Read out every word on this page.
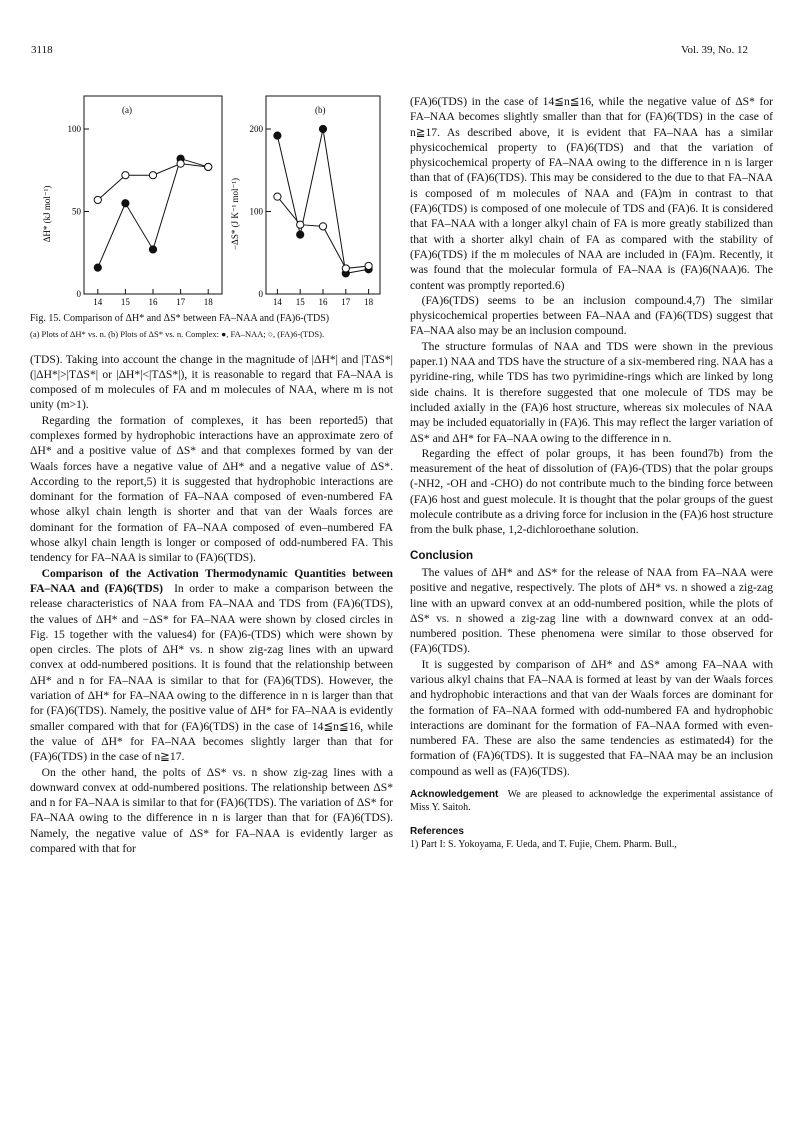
3118	Vol. 39, No. 12
(a)
ΔH* (kJ mol⁻¹)
0
50
100
14 15 16 17 18
(b)
−ΔS* (J K⁻¹ mol⁻¹)
0
100
200
14 15 16 17 18
Fig. 15. Comparison of ΔH* and ΔS* between FA–NAA and (FA)6-(TDS)
(a) Plots of ΔH* vs. n. (b) Plots of ΔS* vs. n. Complex: ●, FA–NAA; ○, (FA)6-(TDS).

(TDS). Taking into account the change in the magnitude of |ΔH*| and |TΔS*| (|ΔH*|>|TΔS*| or |ΔH*|<|TΔS*|), it is reasonable to regard that FA–NAA is composed of m molecules of FA and m molecules of NAA, where m is not unity (m>1).

Regarding the formation of complexes, it has been reported5) that complexes formed by hydrophobic interactions have an approximate zero of ΔH* and a positive value of ΔS* and that complexes formed by van der Waals forces have a negative value of ΔH* and a negative value of ΔS*. According to the report,5) it is suggested that hydrophobic interactions are dominant for the formation of FA–NAA composed of even-numbered FA whose alkyl chain length is shorter and that van der Waals forces are dominant for the formation of FA–NAA composed of even–numbered FA whose alkyl chain length is longer or composed of odd-numbered FA. This tendency for FA–NAA is similar to (FA)6(TDS).

Comparison of the Activation Thermodynamic Quantities between FA–NAA and (FA)6(TDS) In order to make a comparison between the release characteristics of NAA from FA–NAA and TDS from (FA)6(TDS), the values of ΔH* and −ΔS* for FA–NAA were shown by closed circles in Fig. 15 together with the values4) for (FA)6-(TDS) which were shown by open circles. The plots of ΔH* vs. n show zig-zag lines with an upward convex at odd-numbered positions. It is found that the relationship between ΔH* and n for FA–NAA is similar to that for (FA)6(TDS). However, the variation of ΔH* for FA–NAA owing to the difference in n is larger than that for (FA)6(TDS). Namely, the positive value of ΔH* for FA–NAA is evidently smaller compared with that for (FA)6(TDS) in the case of 14≦n≦16, while the value of ΔH* for FA–NAA becomes slightly larger than that for (FA)6(TDS) in the case of n≧17.

On the other hand, the polts of ΔS* vs. n show zig-zag lines with a downward convex at odd-numbered positions. The relationship between ΔS* and n for FA–NAA is similar to that for (FA)6(TDS). The variation of ΔS* for FA–NAA owing to the difference in n is larger than that for (FA)6(TDS). Namely, the negative value of ΔS* for FA–NAA is evidently larger as compared with that for

(FA)6(TDS) in the case of 14≦n≦16, while the negative value of ΔS* for FA–NAA becomes slightly smaller than that for (FA)6(TDS) in the case of n≧17. As described above, it is evident that FA–NAA has a similar physicochemical property to (FA)6(TDS) and that the variation of physicochemical property of FA–NAA owing to the difference in n is larger than that of (FA)6(TDS). This may be considered to the due to that FA–NAA is composed of m molecules of NAA and (FA)m in contrast to that (FA)6(TDS) is composed of one molecule of TDS and (FA)6. It is considered that FA–NAA with a longer alkyl chain of FA is more greatly stabilized than that with a shorter alkyl chain of FA as compared with the stability of (FA)6(TDS) if the m molecules of NAA are included in (FA)m. Recently, it was found that the molecular formula of FA–NAA is (FA)6(NAA)6. The content was promptly reported.6)

(FA)6(TDS) seems to be an inclusion compound.4,7) The similar physicochemical properties between FA–NAA and (FA)6(TDS) suggest that FA–NAA also may be an inclusion compound.

The structure formulas of NAA and TDS were shown in the previous paper.1) NAA and TDS have the structure of a six-membered ring. NAA has a pyridine-ring, while TDS has two pyrimidine-rings which are linked by long side chains. It is therefore suggested that one molecule of TDS may be included axially in the (FA)6 host structure, whereas six molecules of NAA may be included equatorially in (FA)6. This may reflect the larger variation of ΔS* and ΔH* for FA–NAA owing to the difference in n.

Regarding the effect of polar groups, it has been found7b) from the measurement of the heat of dissolution of (FA)6-(TDS) that the polar groups (-NH2, -OH and -CHO) do not contribute much to the binding force between (FA)6 host and guest molecule. It is thought that the polar groups of the guest molecule contribute as a driving force for inclusion in the (FA)6 host structure from the bulk phase, 1,2-dichloroethane solution.

Conclusion

The values of ΔH* and ΔS* for the release of NAA from FA–NAA were positive and negative, respectively. The plots of ΔH* vs. n showed a zig-zag line with an upward convex at an odd-numbered position, while the plots of ΔS* vs. n showed a zig-zag line with a downward convex at an odd-numbered position. These phenomena were similar to those observed for (FA)6(TDS).

It is suggested by comparison of ΔH* and ΔS* among FA–NAA with various alkyl chains that FA–NAA is formed at least by van der Waals forces and hydrophobic interactions and that van der Waals forces are dominant for the formation of FA–NAA formed with odd-numbered FA and hydrophobic interactions are dominant for the formation of FA–NAA formed with even-numbered FA. These are also the same tendencies as estimated4) for the formation of (FA)6(TDS). It is suggested that FA–NAA may be an inclusion compound as well as (FA)6(TDS).

Acknowledgement We are pleased to acknowledge the experimental assistance of Miss Y. Saitoh.
References
1) Part I: S. Yokoyama, F. Ueda, and T. Fujie, Chem. Pharm. Bull.,
